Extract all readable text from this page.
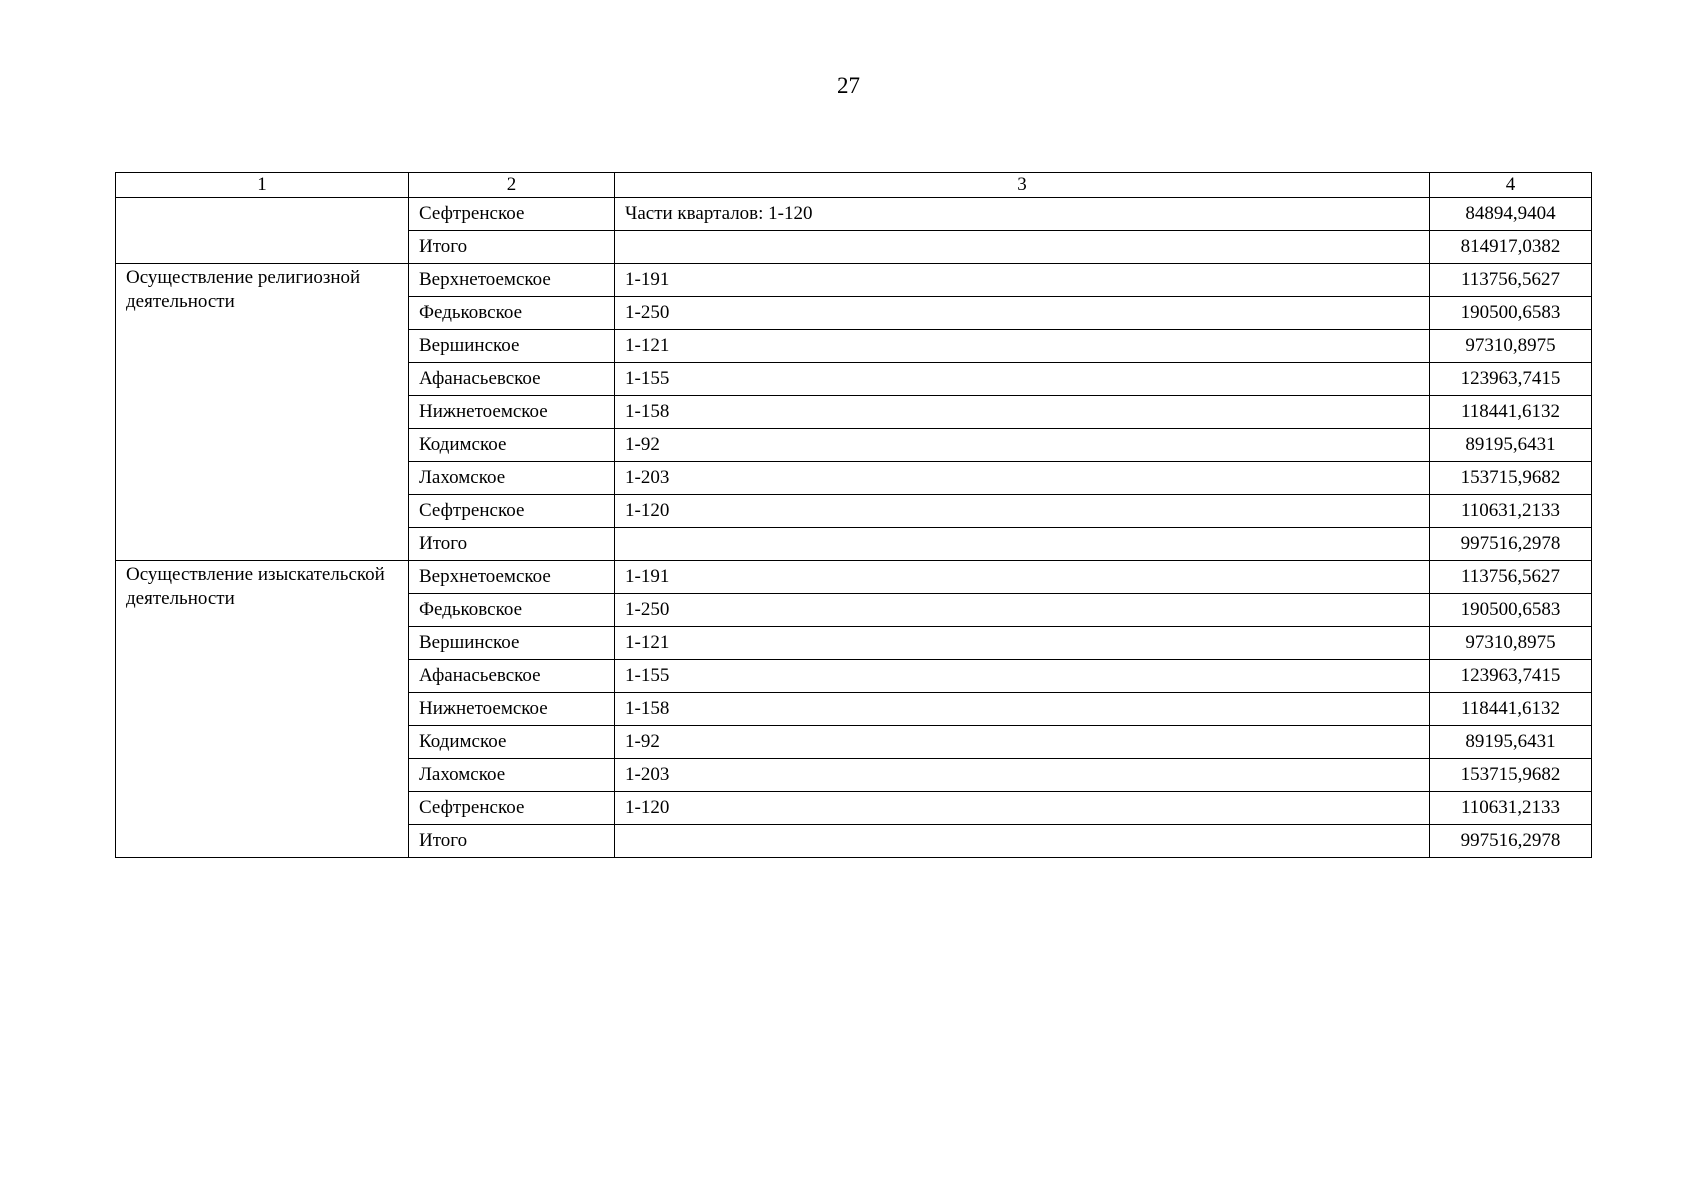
27
1	2	3	4
	Сефтренское	Части кварталов: 1-120	84894,9404
	Итого		814917,0382
Осуществление религиозной деятельности	Верхнетоемское	1-191	113756,5627
	Федьковское	1-250	190500,6583
	Вершинское	1-121	97310,8975
	Афанасьевское	1-155	123963,7415
	Нижнетоемское	1-158	118441,6132
	Кодимское	1-92	89195,6431
	Лахомское	1-203	153715,9682
	Сефтренское	1-120	110631,2133
	Итого		997516,2978
Осуществление изыскательской деятельности	Верхнетоемское	1-191	113756,5627
	Федьковское	1-250	190500,6583
	Вершинское	1-121	97310,8975
	Афанасьевское	1-155	123963,7415
	Нижнетоемское	1-158	118441,6132
	Кодимское	1-92	89195,6431
	Лахомское	1-203	153715,9682
	Сефтренское	1-120	110631,2133
	Итого		997516,2978
